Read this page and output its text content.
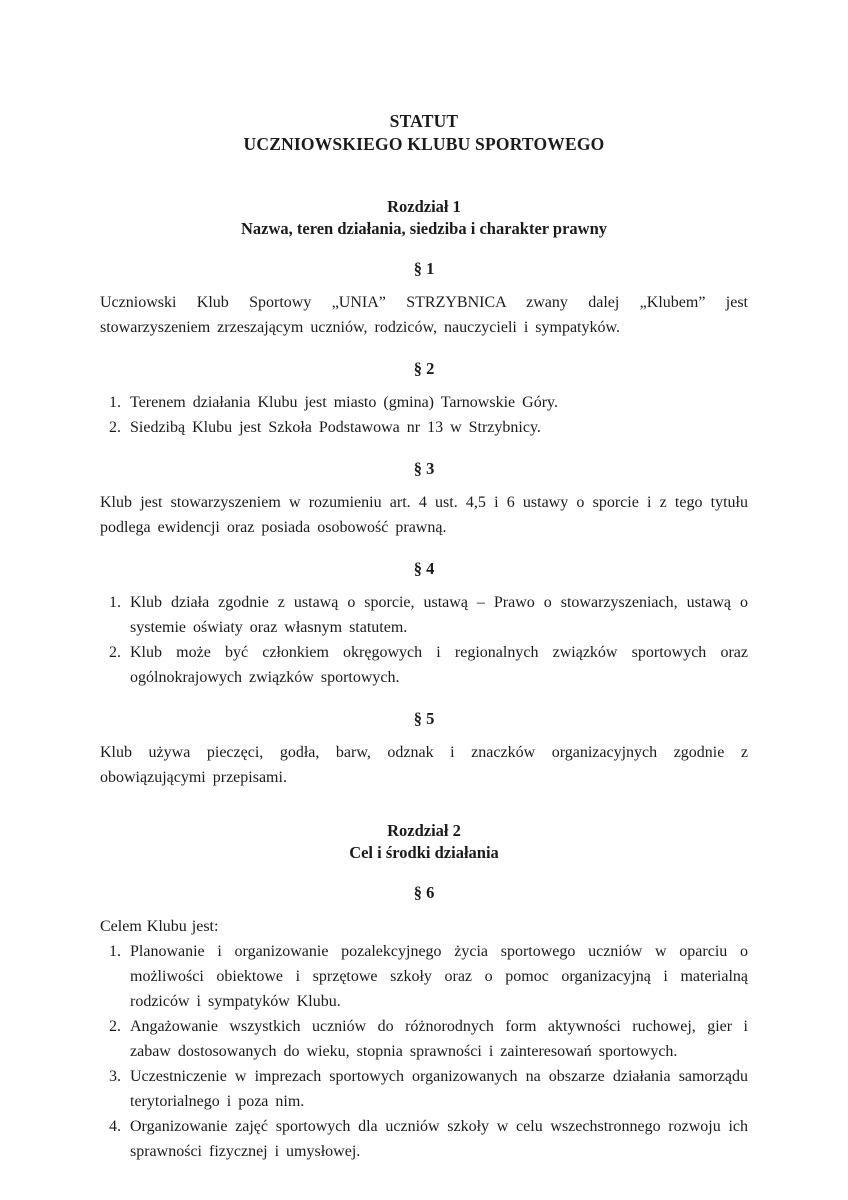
STATUT
UCZNIOWSKIEGO KLUBU SPORTOWEGO
Rozdział 1
Nazwa, teren działania, siedziba i charakter prawny
§ 1

Uczniowski Klub Sportowy „UNIA” STRZYBNICA zwany dalej „Klubem” jest stowarzyszeniem zrzeszającym uczniów, rodziców, nauczycieli i sympatyków.

§ 2
1. Terenem działania Klubu jest miasto (gmina) Tarnowskie Góry.
2. Siedzibą Klubu jest Szkoła Podstawowa nr 13 w Strzybnicy.
§ 3

Klub jest stowarzyszeniem w rozumieniu art. 4 ust. 4,5 i 6 ustawy o sporcie i z tego tytułu podlega ewidencji oraz posiada osobowość prawną.

§ 4
1. Klub działa zgodnie z ustawą o sporcie, ustawą – Prawo o stowarzyszeniach, ustawą o systemie oświaty oraz własnym statutem.
2. Klub może być członkiem okręgowych i regionalnych związków sportowych oraz ogólnokrajowych związków sportowych.
§ 5

Klub używa pieczęci, godła, barw, odznak i znaczków organizacyjnych zgodnie z obowiązującymi przepisami.

Rozdział 2
Cel i środki działania
§ 6

Celem Klubu jest:

1. Planowanie i organizowanie pozalekcyjnego życia sportowego uczniów w oparciu o możliwości obiektowe i sprzętowe szkoły oraz o pomoc organizacyjną i materialną rodziców i sympatyków Klubu.
2. Angażowanie wszystkich uczniów do różnorodnych form aktywności ruchowej, gier i zabaw dostosowanych do wieku, stopnia sprawności i zainteresowań sportowych.
3. Uczestniczenie w imprezach sportowych organizowanych na obszarze działania samorządu terytorialnego i poza nim.
4. Organizowanie zajęć sportowych dla uczniów szkoły w celu wszechstronnego rozwoju ich sprawności fizycznej i umysłowej.
